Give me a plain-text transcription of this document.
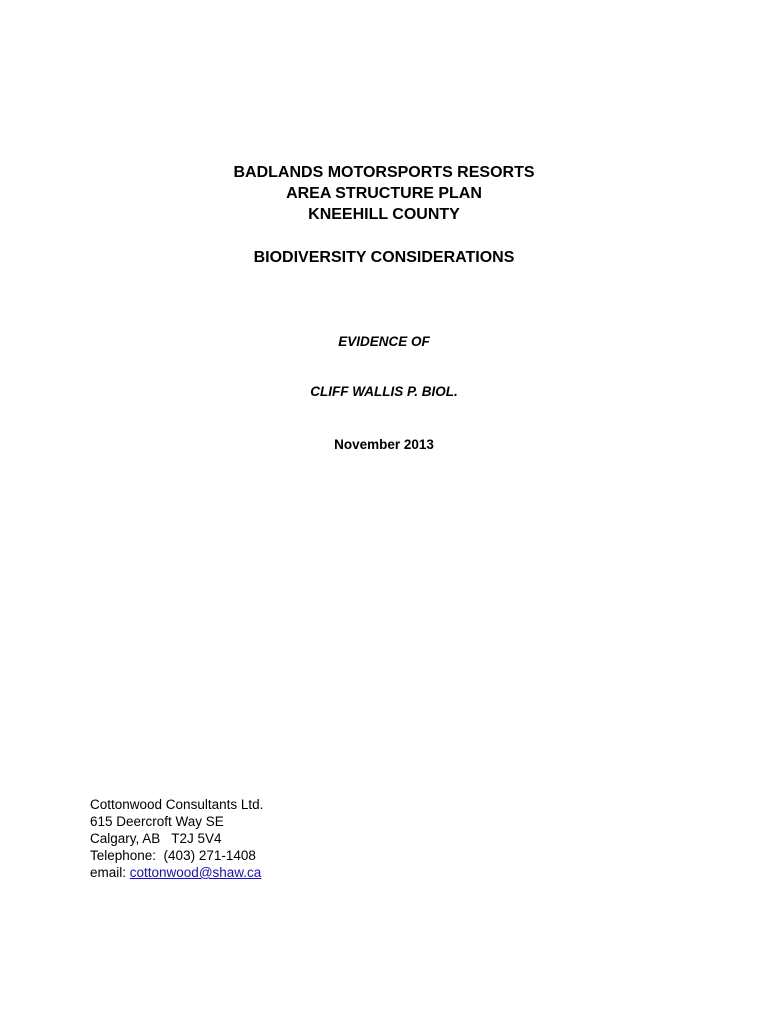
BADLANDS MOTORSPORTS RESORTS
AREA STRUCTURE PLAN
KNEEHILL COUNTY
BIODIVERSITY CONSIDERATIONS
EVIDENCE OF
CLIFF WALLIS P. BIOL.
November 2013
Cottonwood Consultants Ltd.
615 Deercroft Way SE
Calgary, AB   T2J 5V4
Telephone:  (403) 271-1408
email: cottonwood@shaw.ca
